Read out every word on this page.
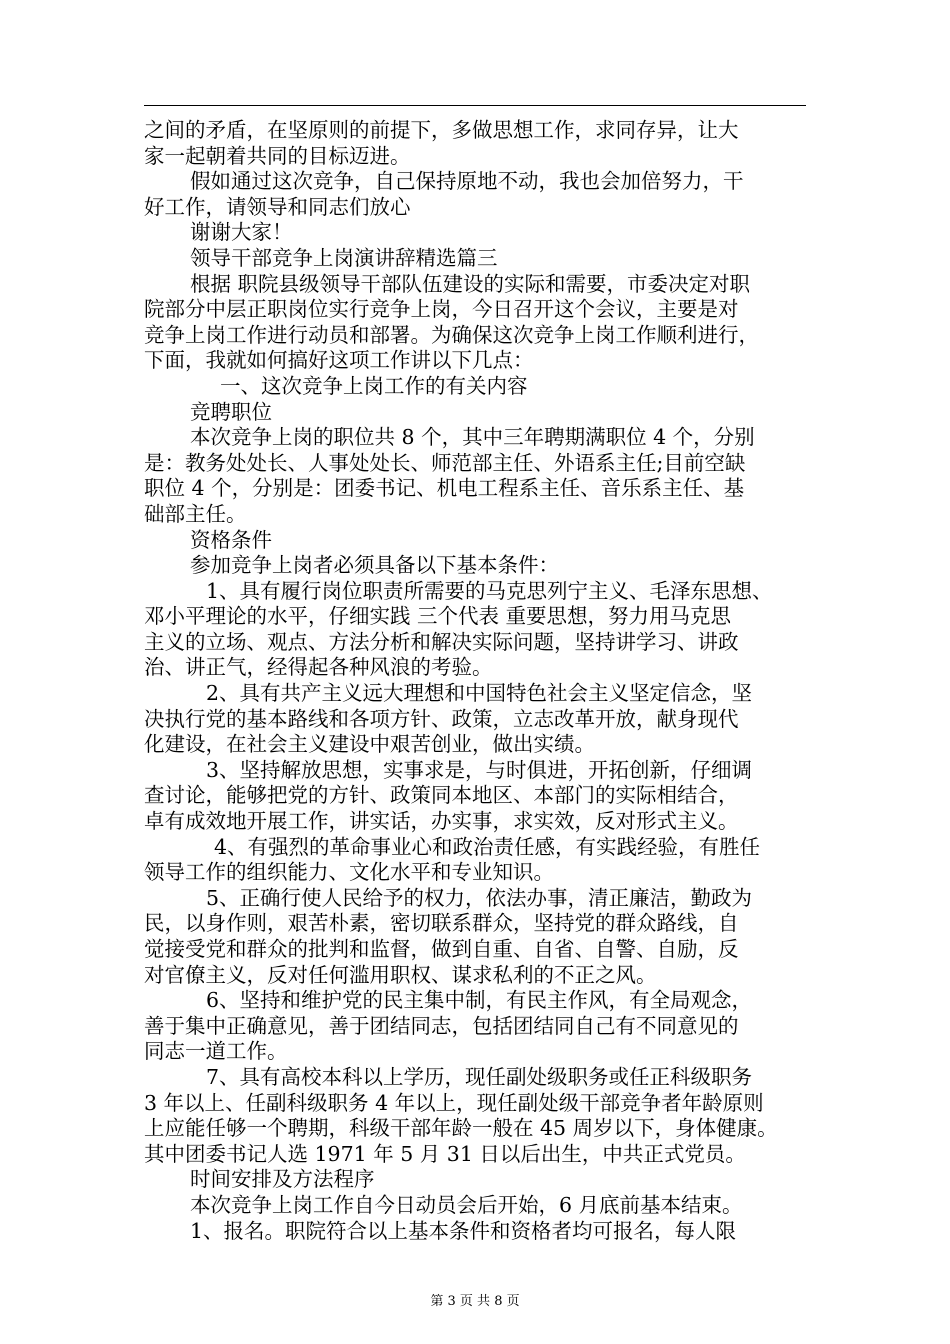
之间的矛盾，在坚原则的前提下，多做思想工作，求同存异，让大
家一起朝着共同的目标迈进。
假如通过这次竞争，自己保持原地不动，我也会加倍努力，干
好工作，请领导和同志们放心
谢谢大家！
领导干部竞争上岗演讲辞精选篇三
根据 职院县级领导干部队伍建设的实际和需要，市委决定对职
院部分中层正职岗位实行竞争上岗，今日召开这个会议，主要是对
竞争上岗工作进行动员和部署。为确保这次竞争上岗工作顺利进行，
下面，我就如何搞好这项工作讲以下几点：
一、这次竞争上岗工作的有关内容
竞聘职位
本次竞争上岗的职位共 8 个，其中三年聘期满职位 4 个，分别
是：教务处处长、人事处处长、师范部主任、外语系主任;目前空缺
职位 4 个，分别是：团委书记、机电工程系主任、音乐系主任、基
础部主任。
资格条件
参加竞争上岗者必须具备以下基本条件：
1、具有履行岗位职责所需要的马克思列宁主义、毛泽东思想、
邓小平理论的水平，仔细实践 三个代表 重要思想，努力用马克思
主义的立场、观点、方法分析和解决实际问题，坚持讲学习、讲政
治、讲正气，经得起各种风浪的考验。
2、具有共产主义远大理想和中国特色社会主义坚定信念，坚
决执行党的基本路线和各项方针、政策，立志改革开放，献身现代
化建设，在社会主义建设中艰苦创业，做出实绩。
3、坚持解放思想，实事求是，与时俱进，开拓创新，仔细调
查讨论，能够把党的方针、政策同本地区、本部门的实际相结合，
卓有成效地开展工作，讲实话，办实事，求实效，反对形式主义。
4、有强烈的革命事业心和政治责任感，有实践经验，有胜任
领导工作的组织能力、文化水平和专业知识。
5、正确行使人民给予的权力，依法办事，清正廉洁，勤政为
民，以身作则，艰苦朴素，密切联系群众，坚持党的群众路线，自
觉接受党和群众的批判和监督，做到自重、自省、自警、自励，反
对官僚主义，反对任何滥用职权、谋求私利的不正之风。
6、坚持和维护党的民主集中制，有民主作风，有全局观念，
善于集中正确意见，善于团结同志，包括团结同自己有不同意见的
同志一道工作。
7、具有高校本科以上学历，现任副处级职务或任正科级职务
3 年以上、任副科级职务 4 年以上，现任副处级干部竞争者年龄原则
上应能任够一个聘期，科级干部年龄一般在 45 周岁以下，身体健康。
其中团委书记人选 1971 年 5 月 31 日以后出生，中共正式党员。
时间安排及方法程序
本次竞争上岗工作自今日动员会后开始，6 月底前基本结束。
1、报名。职院符合以上基本条件和资格者均可报名，每人限
第 3 页 共 8 页
